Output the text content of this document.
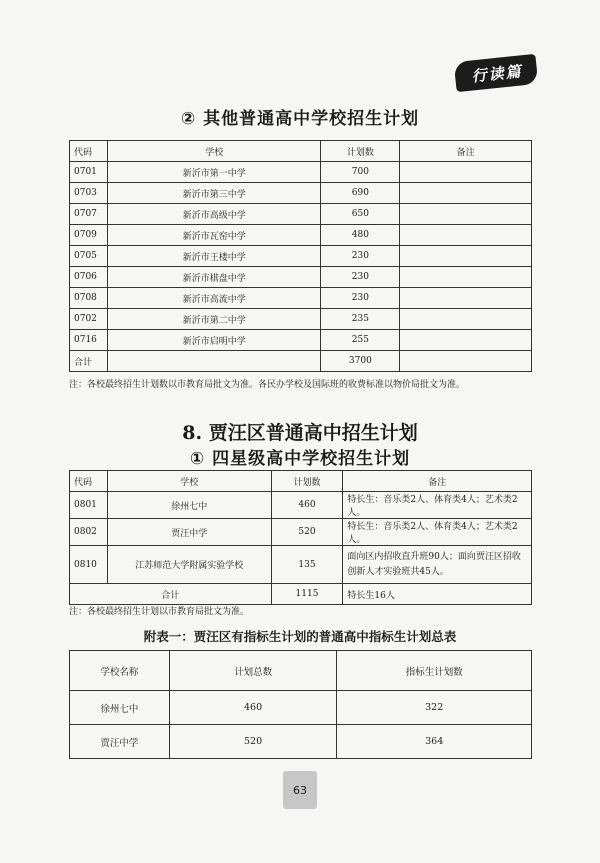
行 读 篇
② 其他普通高中学校招生计划
代码	学校	计划数	备注
0701	新沂市第一中学	700	
0703	新沂市第三中学	690	
0707	新沂市高级中学	650	
0709	新沂市瓦窑中学	480	
0705	新沂市王楼中学	230	
0706	新沂市棋盘中学	230	
0708	新沂市高流中学	230	
0702	新沂市第二中学	235	
0716	新沂市启明中学	255	
合计		3700	
注：各校最终招生计划数以市教育局批文为准。各民办学校及国际班的收费标准以物价局批文为准。
8. 贾汪区普通高中招生计划
① 四星级高中学校招生计划
代码	学校	计划数	备注
0801	徐州七中	460	特长生：音乐类2人、体育类4人；艺术类2人。
0802	贾汪中学	520	特长生：音乐类2人、体育类4人；艺术类2人。
0810	江苏师范大学附属实验学校	135	面向区内招收直升班90人；面向贾汪区招收创新人才实验班共45人。
合计		1115	特长生16人
注：各校最终招生计划以市教育局批文为准。
附表一：贾汪区有指标生计划的普通高中指标生计划总表
学校名称	计划总数	指标生计划数
徐州七中	460	322
贾汪中学	520	364
63
